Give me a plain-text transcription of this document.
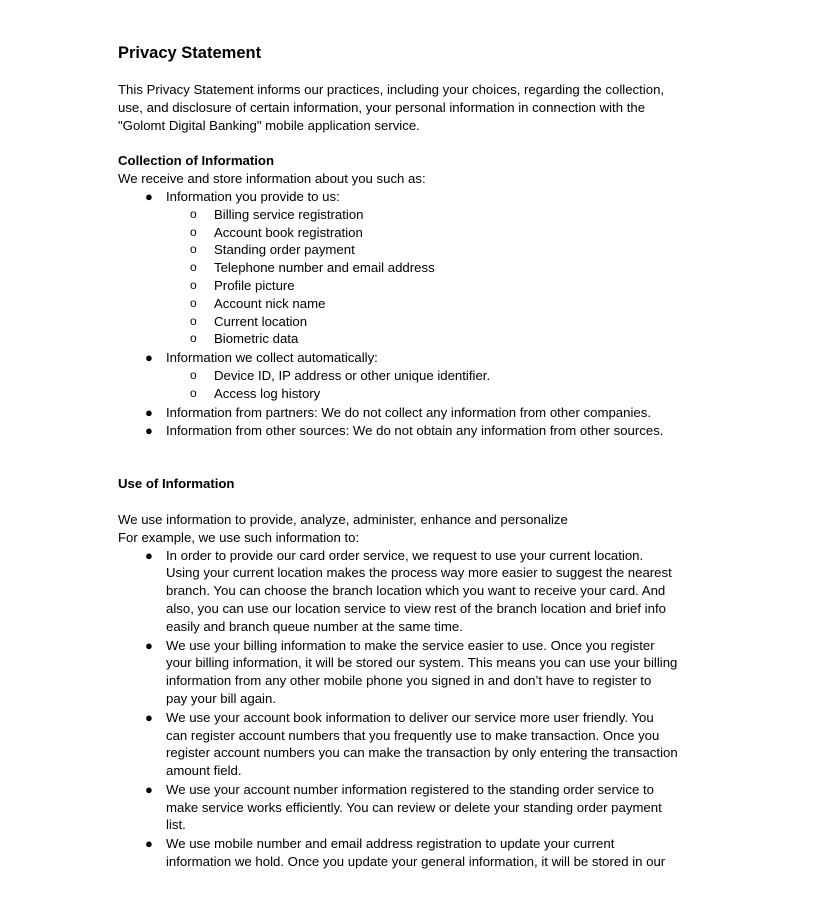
Privacy Statement
This Privacy Statement informs our practices, including your choices, regarding the collection,
use, and disclosure of certain information, your personal information in connection with the
"Golomt Digital Banking" mobile application service.
Collection of Information
We receive and store information about you such as:
● Information you provide to us:
o Billing service registration
o Account book registration
o Standing order payment
o Telephone number and email address
o Profile picture
o Account nick name
o Current location
o Biometric data
● Information we collect automatically:
o Device ID, IP address or other unique identifier.
o Access log history
● Information from partners: We do not collect any information from other companies.
● Information from other sources: We do not obtain any information from other sources.
Use of Information
We use information to provide, analyze, administer, enhance and personalize
For example, we use such information to:
● In order to provide our card order service, we request to use your current location.
Using your current location makes the process way more easier to suggest the nearest
branch. You can choose the branch location which you want to receive your card. And
also, you can use our location service to view rest of the branch location and brief info
easily and branch queue number at the same time.
● We use your billing information to make the service easier to use. Once you register
your billing information, it will be stored our system. This means you can use your billing
information from any other mobile phone you signed in and don’t have to register to
pay your bill again.
● We use your account book information to deliver our service more user friendly. You
can register account numbers that you frequently use to make transaction. Once you
register account numbers you can make the transaction by only entering the transaction
amount field.
● We use your account number information registered to the standing order service to
make service works efficiently. You can review or delete your standing order payment
list.
● We use mobile number and email address registration to update your current
information we hold. Once you update your general information, it will be stored in our
